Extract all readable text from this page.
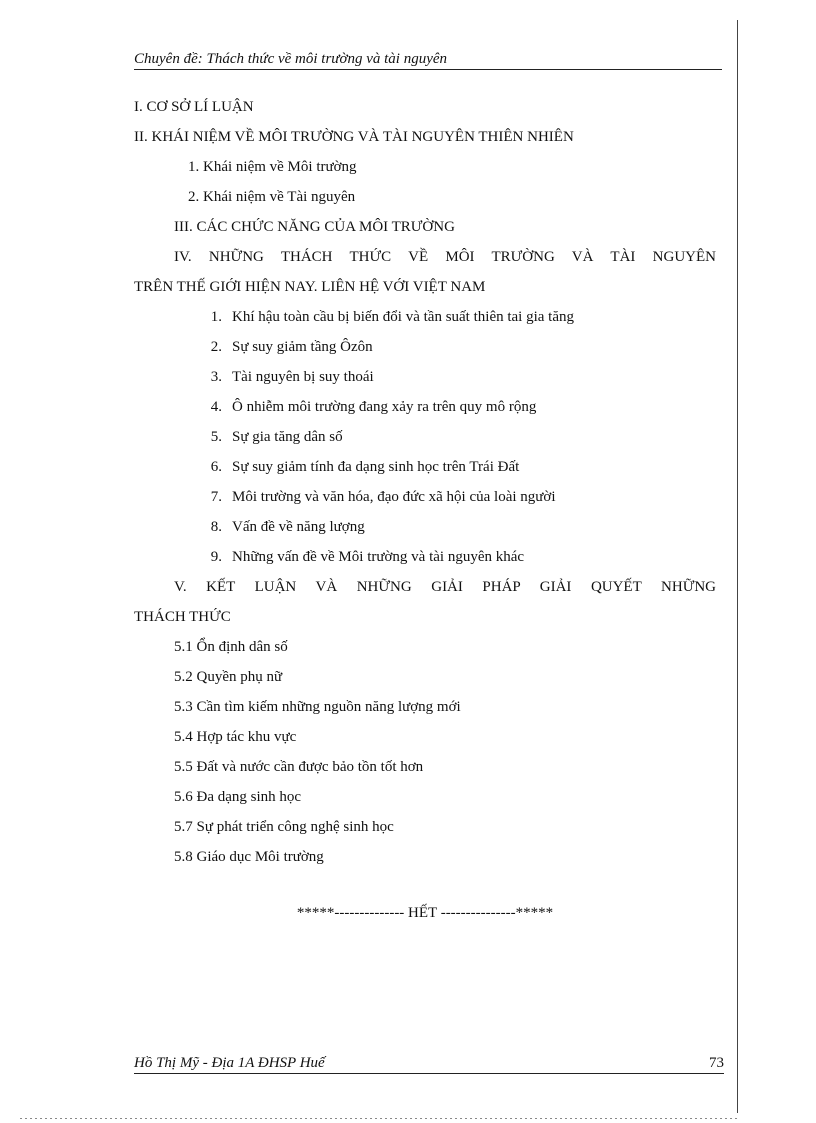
Chuyên đề: Thách thức về môi trường và tài nguyên
I. CƠ SỞ LÍ LUẬN
II. KHÁI NIỆM VỀ MÔI TRƯỜNG VÀ TÀI NGUYÊN THIÊN NHIÊN
1. Khái niệm về Môi trường
2. Khái niệm về Tài nguyên
III. CÁC CHỨC NĂNG CỦA MÔI TRƯỜNG
IV. NHỮNG THÁCH THỨC VỀ MÔI TRƯỜNG VÀ TÀI NGUYÊN
TRÊN THẾ GIỚI HIỆN NAY. LIÊN HỆ VỚI VIỆT NAM
1. Khí hậu toàn cầu bị biến đổi và tần suất thiên tai gia tăng
2. Sự suy giảm tầng Ôzôn
3. Tài nguyên bị suy thoái
4. Ô nhiễm môi trường đang xảy ra trên quy mô rộng
5. Sự gia tăng dân số
6. Sự suy giảm tính đa dạng sinh học trên Trái Đất
7. Môi trường và văn hóa, đạo đức xã hội của loài người
8. Vấn đề về năng lượng
9. Những vấn đề về Môi trường và tài nguyên khác
V. KẾT LUẬN VÀ NHỮNG GIẢI PHÁP GIẢI QUYẾT NHỮNG
THÁCH THỨC
5.1 Ổn định dân số
5.2 Quyền phụ nữ
5.3 Cần tìm kiếm những nguồn năng lượng mới
5.4 Hợp tác khu vực
5.5 Đất và nước cần được bảo tồn tốt hơn
5.6 Đa dạng sinh học
5.7 Sự phát triển công nghệ sinh học
5.8 Giáo dục Môi trường
*****-------------- HẾT ---------------*****
Hồ Thị Mỹ - Địa 1A ĐHSP Huế	73
